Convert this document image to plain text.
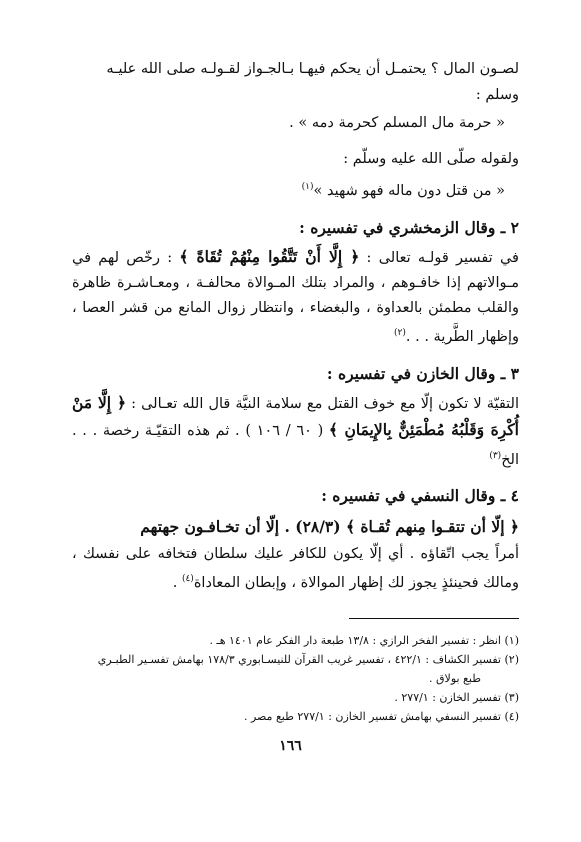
لصـون المال ؟ يحتمـل أن يحكم فيهـا بـالجـواز لقـولـه صلى الله عليـه

وسلم :

« حرمة مال المسلم كحرمة دمه » .

ولقوله صلّى الله عليه وسلّم :

« من قتل دون ماله فهو شهيد »$^{(١)}$

٢ ـ وقال الزمخشري في تفسيره :

في تفسير قولـه تعالى : ﴿ إِلَّا أَنْ تَتَّقُوا مِنْهُمْ تُقَاةً ﴾ : رخّص لهم في مـوالاتهم إذا خافـوهم ، والمراد بتلك المـوالاة محالفـة ، ومعـاشـرة ظاهرة والقلب مطمئن بالعداوة ، والبغضاء ، وانتظار زوال المانع من قشر العصا ، وإظهار الطَّرية . . .$^{(٢)}$

٣ ـ وقال الخازن في تفسيره :

التقيّة لا تكون إلّا مع خوف القتل مع سلامة النيَّة قال الله تعـالى : ﴿ إِلَّا مَنْ أُكْرِهَ وَقَلْبُهُ مُطْمَئِنٌّ بِالإِيمَانِ ﴾ ( ٦٠ / ١٠٦ ) . ثم هذه التقيّـة رخصة . . . الخ$^{(٣)}$

٤ ـ وقال النسفي في تفسيره :

﴿ إلّا أن تتقـوا مِنهم تُقـاة ﴾ (٢٨/٣) . إلّا أن تخـافـون جهتهم

أمراً يجب اتّقاؤه . أي إلّا يكون للكافر عليك سلطان فتخافه على نفسك ، ومالك فحينئذٍ يجوز لك إظهار الموالاة ، وإبطان المعاداة$^{(٤)}$ .

(١) انظر : تفسير الفخر الرازي : ١٣/٨ طبعة دار الفكر عام ١٤٠١ هـ .

(٢) تفسير الكشاف : ٤٢٢/١ ، تفسير غريب القرآن للنيسـابوري ١٧٨/٣ بهامش تفسـير الطبـري

طبع بولاق .

(٣) تفسير الخازن : ٢٧٧/١ .

(٤) تفسير النسفي بهامش تفسير الخازن : ٢٧٧/١ طبع مصر .

١٦٦
